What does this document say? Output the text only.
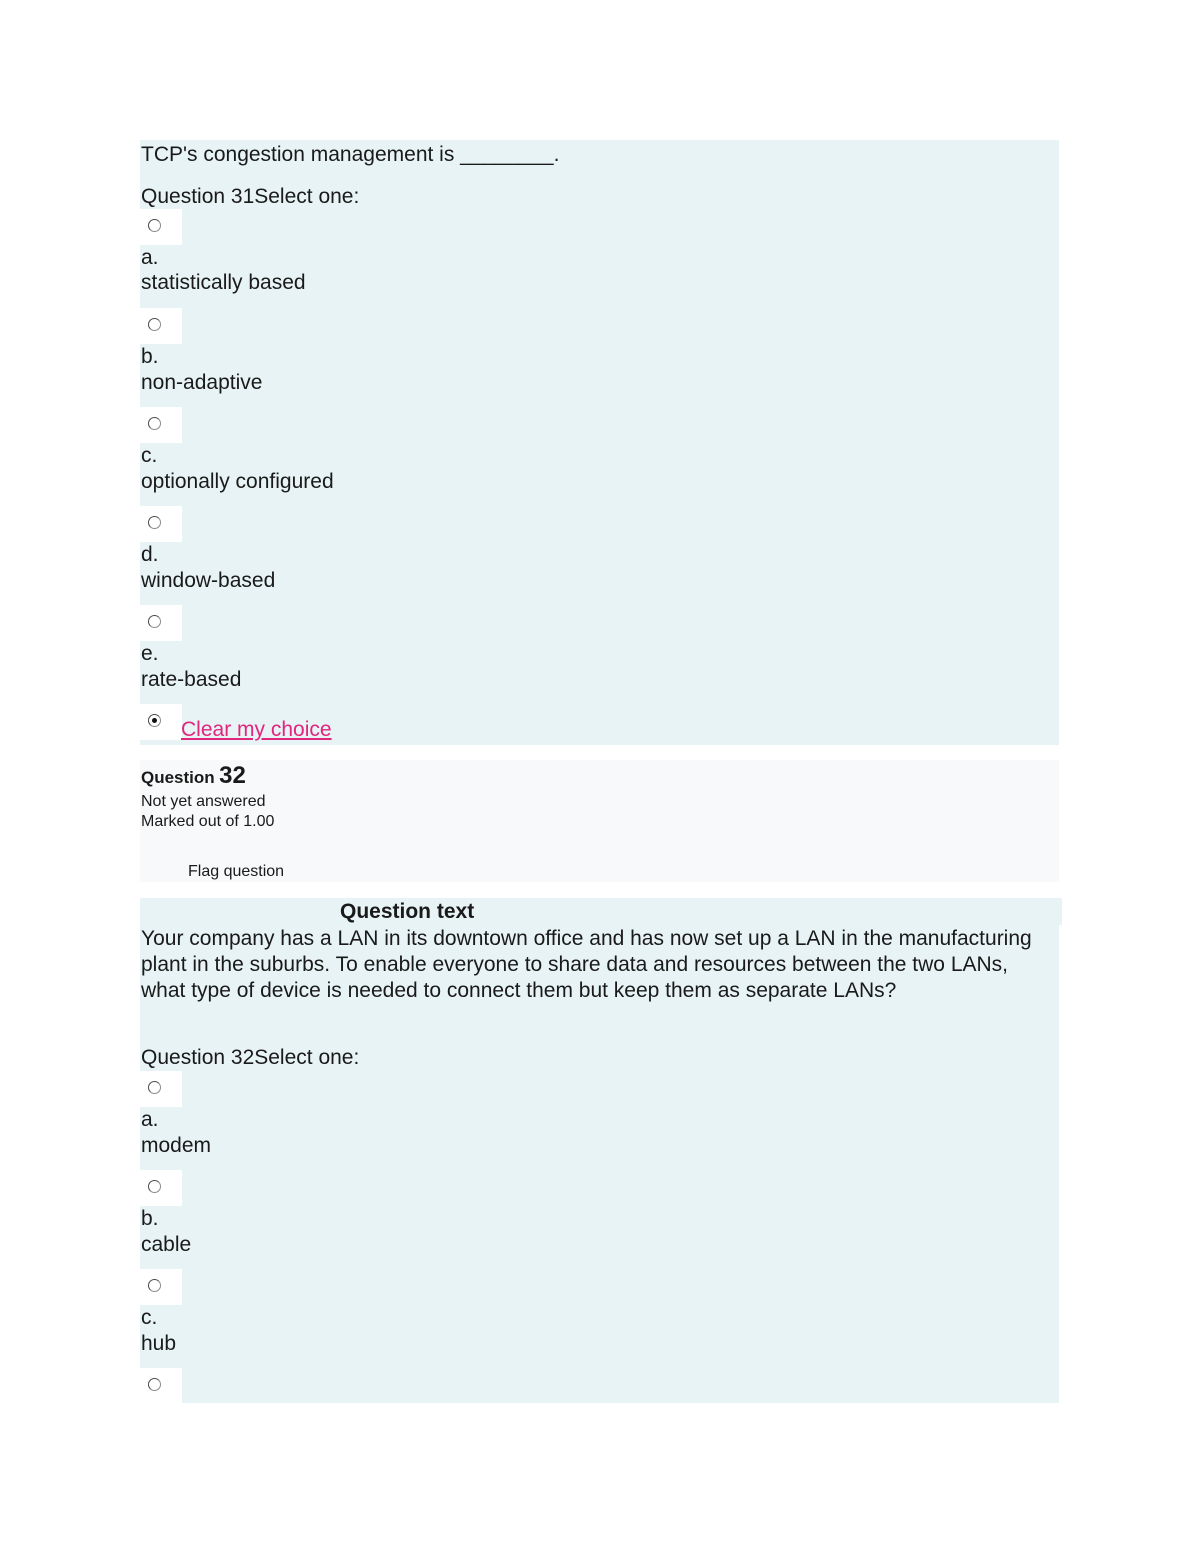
TCP's congestion management is ________.
Question 31Select one:
a.
statistically based
b.
non-adaptive
c.
optionally configured
d.
window-based
e.
rate-based
Clear my choice
Question 32
Not yet answered
Marked out of 1.00
Flag question
Question text
Your company has a LAN in its downtown office and has now set up a LAN in the manufacturing plant in the suburbs. To enable everyone to share data and resources between the two LANs, what type of device is needed to connect them but keep them as separate LANs?
Question 32Select one:
a.
modem
b.
cable
c.
hub
